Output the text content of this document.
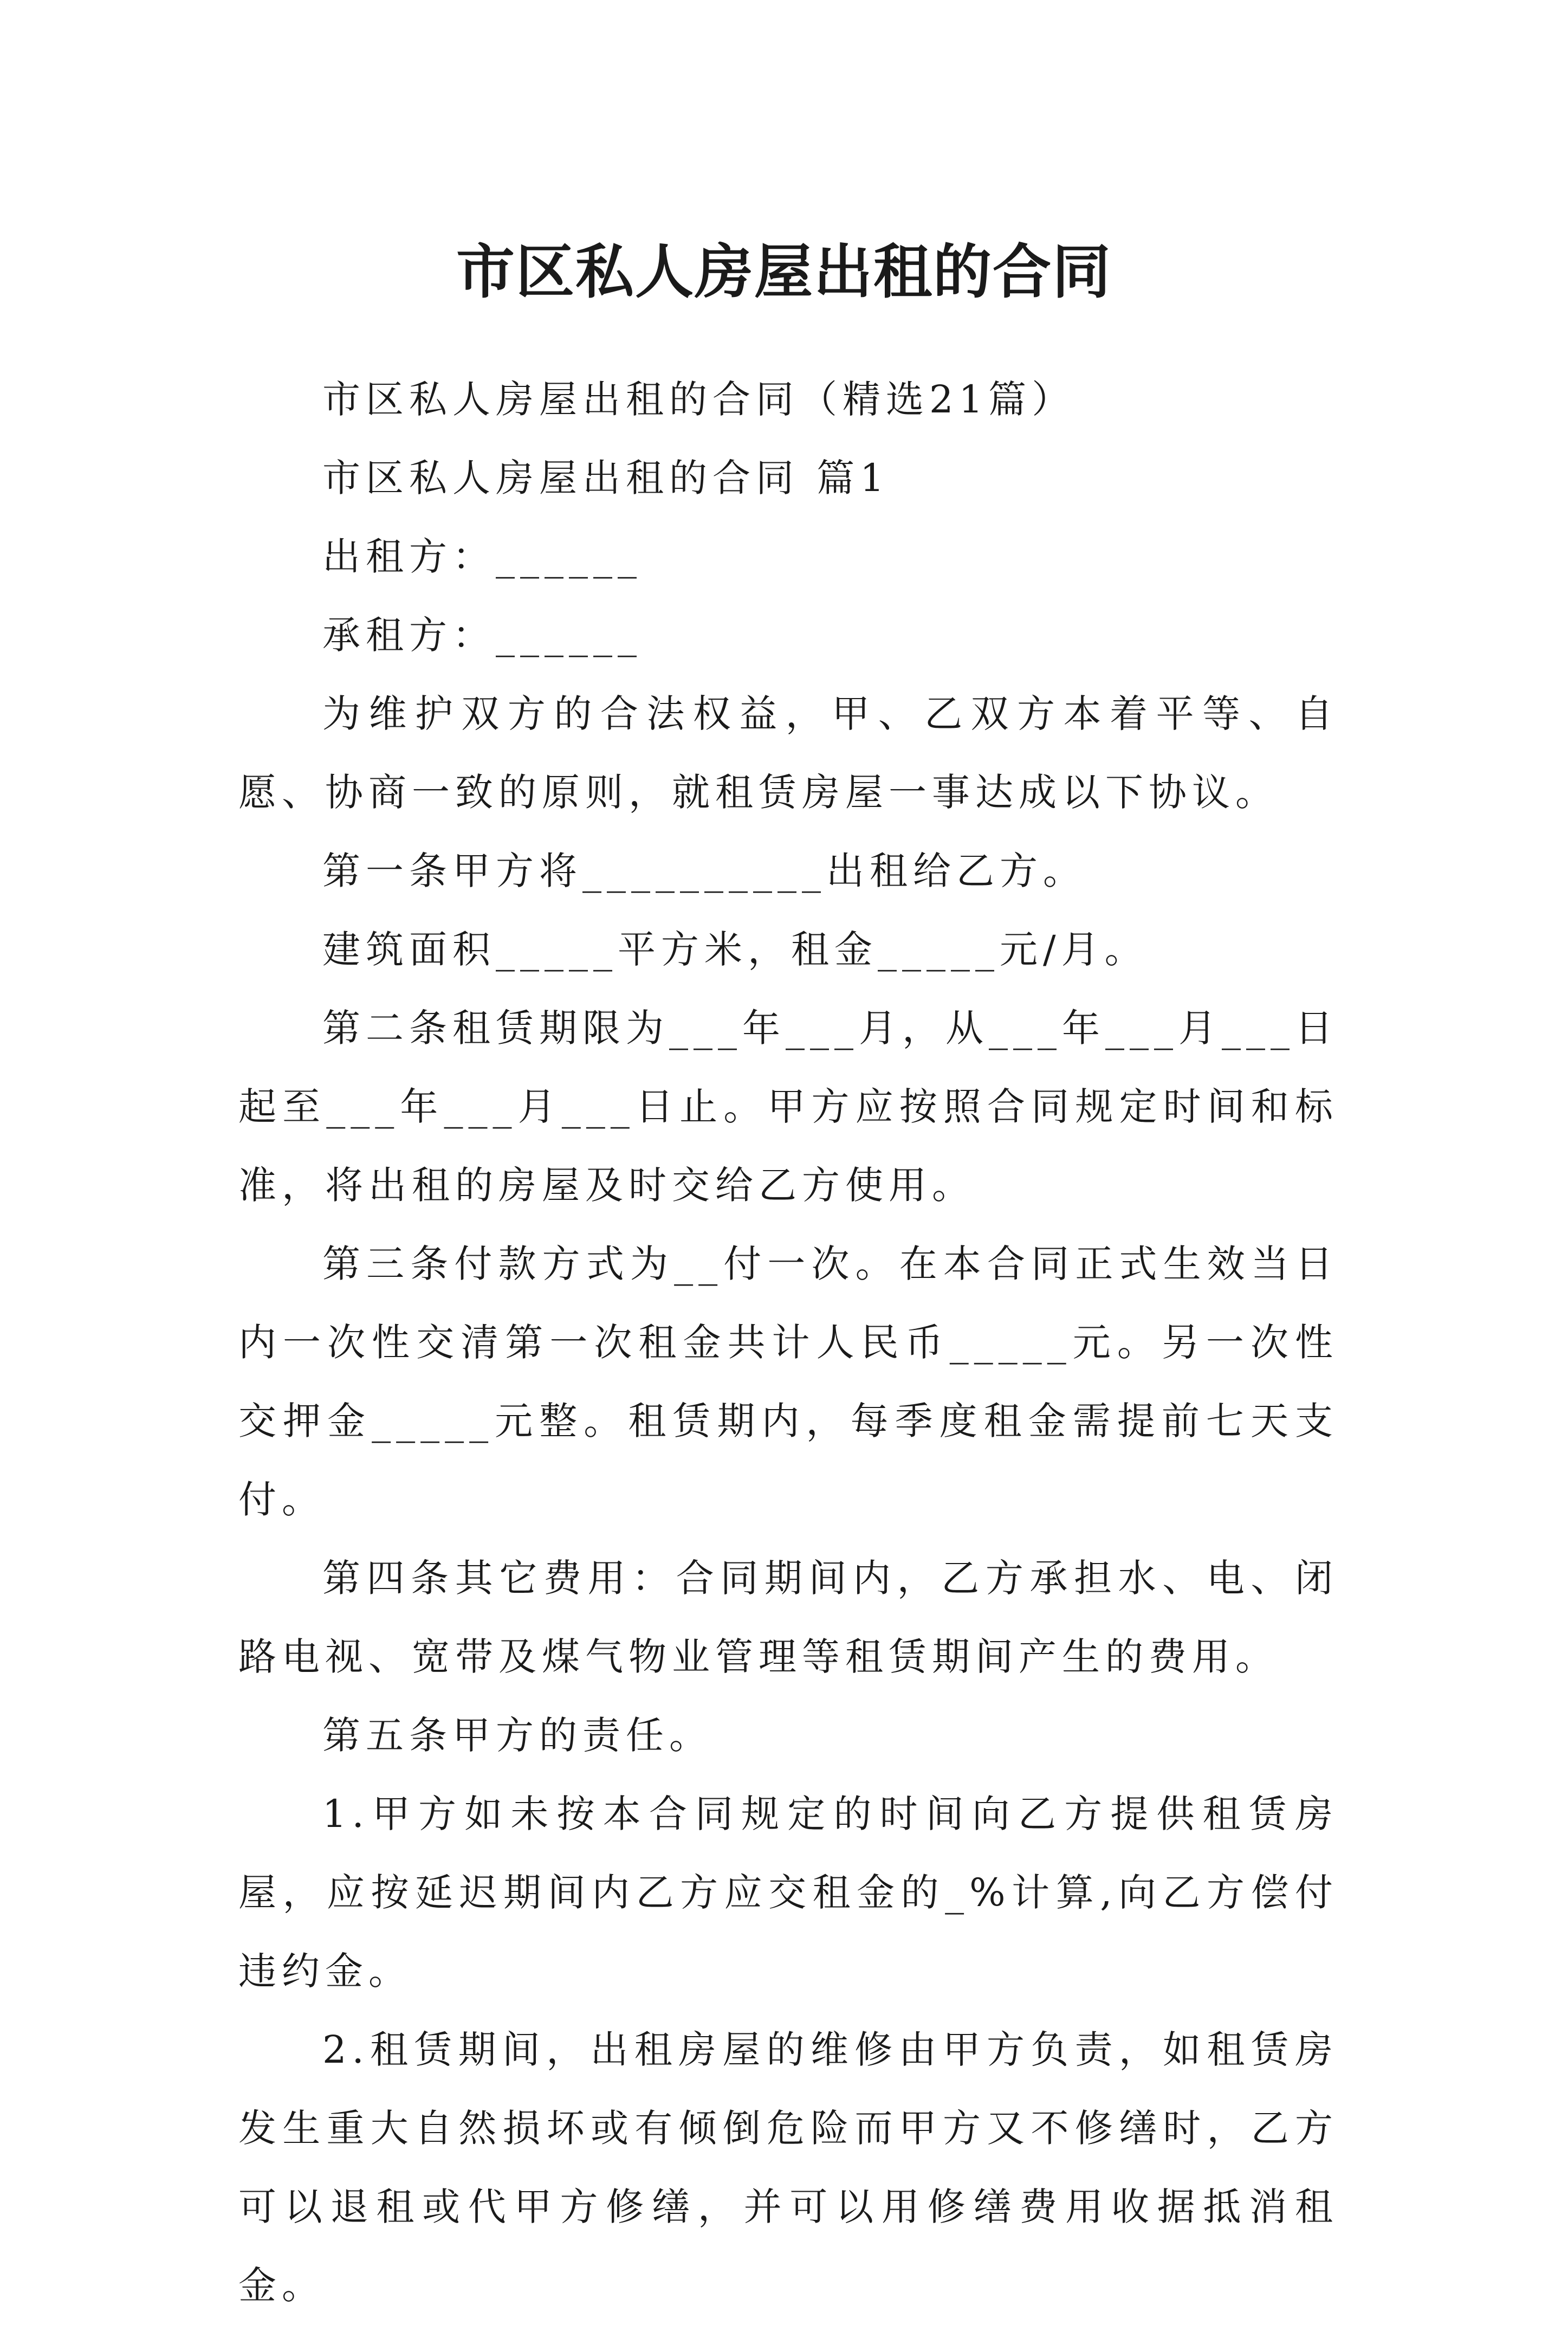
市区私人房屋出租的合同

市区私人房屋出租的合同（精选21篇）

市区私人房屋出租的合同 篇1

出租方：______

承租方：______

为维护双方的合法权益，甲、乙双方本着平等、自愿、协商一致的原则，就租赁房屋一事达成以下协议。

第一条甲方将__________出租给乙方。

建筑面积_____平方米，租金_____元/月。

第二条租赁期限为___年___月，从___年___月___日起至___年___月___日止。甲方应按照合同规定时间和标准，将出租的房屋及时交给乙方使用。

第三条付款方式为__付一次。在本合同正式生效当日内一次性交清第一次租金共计人民币_____元。另一次性交押金_____元整。租赁期内，每季度租金需提前七天支付。

第四条其它费用：合同期间内，乙方承担水、电、闭路电视、宽带及煤气物业管理等租赁期间产生的费用。

第五条甲方的责任。

1.甲方如未按本合同规定的时间向乙方提供租赁房屋，应按延迟期间内乙方应交租金的_%计算,向乙方偿付违约金。

2.租赁期间，出租房屋的维修由甲方负责，如租赁房发生重大自然损坏或有倾倒危险而甲方又不修缮时，乙方可以退租或代甲方修缮，并可以用修缮费用收据抵消租金。
